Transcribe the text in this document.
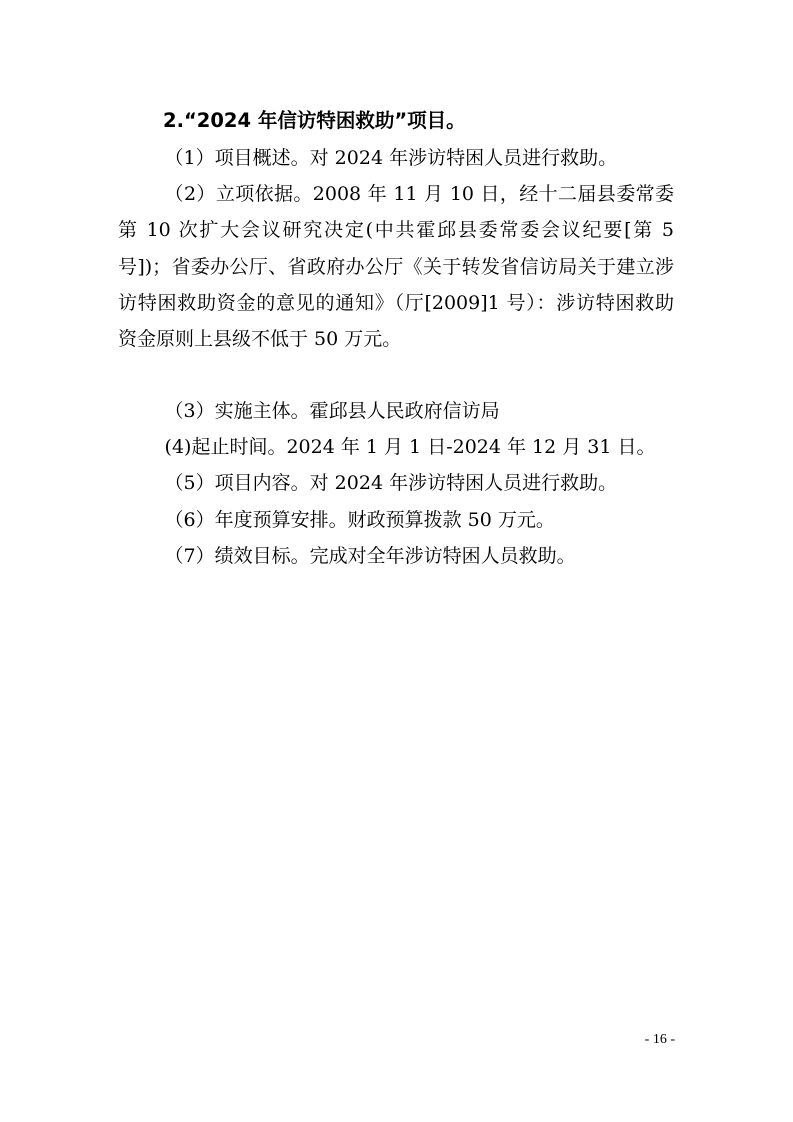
2.“2024 年信访特困救助”项目。

（1）项目概述。对 2024 年涉访特困人员进行救助。

（2）立项依据。2008 年 11 月 10 日，经十二届县委常委第 10 次扩大会议研究决定(中共霍邱县委常委会议纪要[第 5 号])；省委办公厅、省政府办公厅《关于转发省信访局关于建立涉访特困救助资金的意见的通知》（厅[2009]1 号）：涉访特困救助资金原则上县级不低于 50 万元。

（3）实施主体。霍邱县人民政府信访局

(4)起止时间。2024 年 1 月 1 日-2024 年 12 月 31 日。

（5）项目内容。对 2024 年涉访特困人员进行救助。

（6）年度预算安排。财政预算拨款 50 万元。

（7）绩效目标。完成对全年涉访特困人员救助。

- 16 -
